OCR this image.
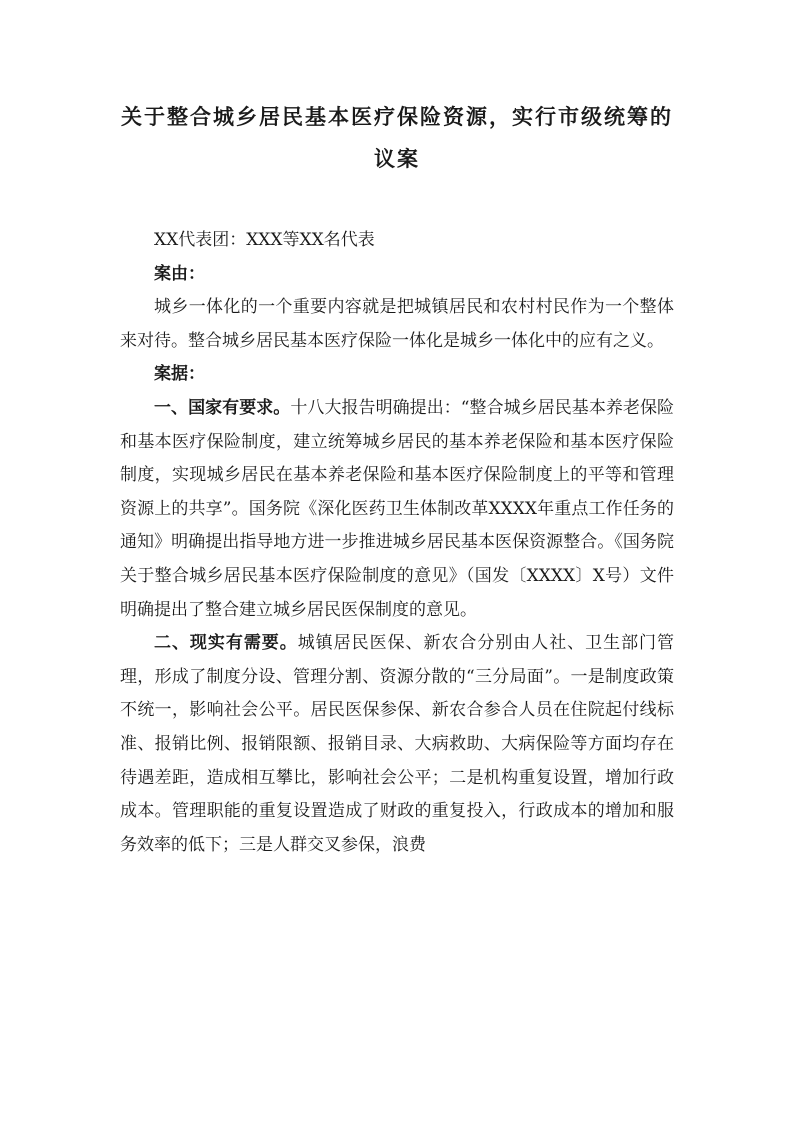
关于整合城乡居民基本医疗保险资源，实行市级统筹的议案

XX代表团：XXX等XX名代表

案由：

城乡一体化的一个重要内容就是把城镇居民和农村村民作为一个整体来对待。整合城乡居民基本医疗保险一体化是城乡一体化中的应有之义。

案据：

一、国家有要求。十八大报告明确提出：“整合城乡居民基本养老保险和基本医疗保险制度，建立统筹城乡居民的基本养老保险和基本医疗保险制度，实现城乡居民在基本养老保险和基本医疗保险制度上的平等和管理资源上的共享”。国务院《深化医药卫生体制改革XXXX年重点工作任务的通知》明确提出指导地方进一步推进城乡居民基本医保资源整合。《国务院关于整合城乡居民基本医疗保险制度的意见》（国发〔XXXX〕X号）文件明确提出了整合建立城乡居民医保制度的意见。

二、现实有需要。城镇居民医保、新农合分别由人社、卫生部门管理，形成了制度分设、管理分割、资源分散的“三分局面”。一是制度政策不统一，影响社会公平。居民医保参保、新农合参合人员在住院起付线标准、报销比例、报销限额、报销目录、大病救助、大病保险等方面均存在待遇差距，造成相互攀比，影响社会公平；二是机构重复设置，增加行政成本。管理职能的重复设置造成了财政的重复投入，行政成本的增加和服务效率的低下；三是人群交叉参保，浪费
